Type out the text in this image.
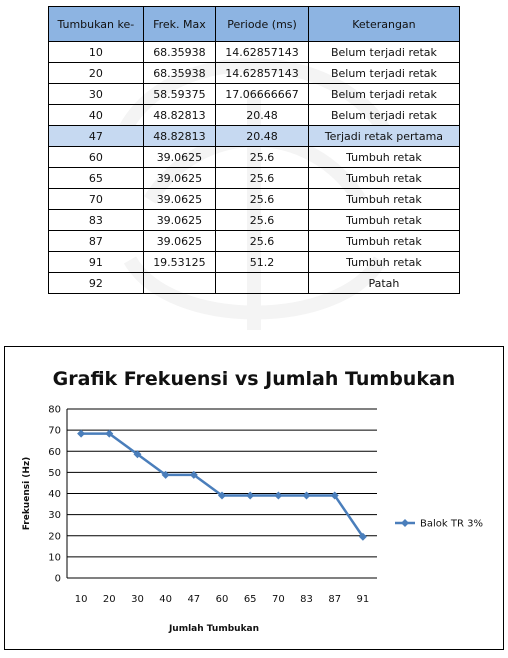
Tumbukan ke-	Frek. Max	Periode (ms)	Keterangan
10	68.35938	14.62857143	Belum terjadi retak
20	68.35938	14.62857143	Belum terjadi retak
30	58.59375	17.06666667	Belum terjadi retak
40	48.82813	20.48	Belum terjadi retak
47	48.82813	20.48	Terjadi retak pertama
60	39.0625	25.6	Tumbuh retak
65	39.0625	25.6	Tumbuh retak
70	39.0625	25.6	Tumbuh retak
83	39.0625	25.6	Tumbuh retak
87	39.0625	25.6	Tumbuh retak
91	19.53125	51.2	Tumbuh retak
92			Patah
Grafik Frekuensi vs Jumlah Tumbukan
0
10
20
30
40
50
60
70
80
10 20 30 40 47 60 65 70 83 87 91
Jumlah Tumbukan
Frekuensi (Hz)	Balok TR 3%
